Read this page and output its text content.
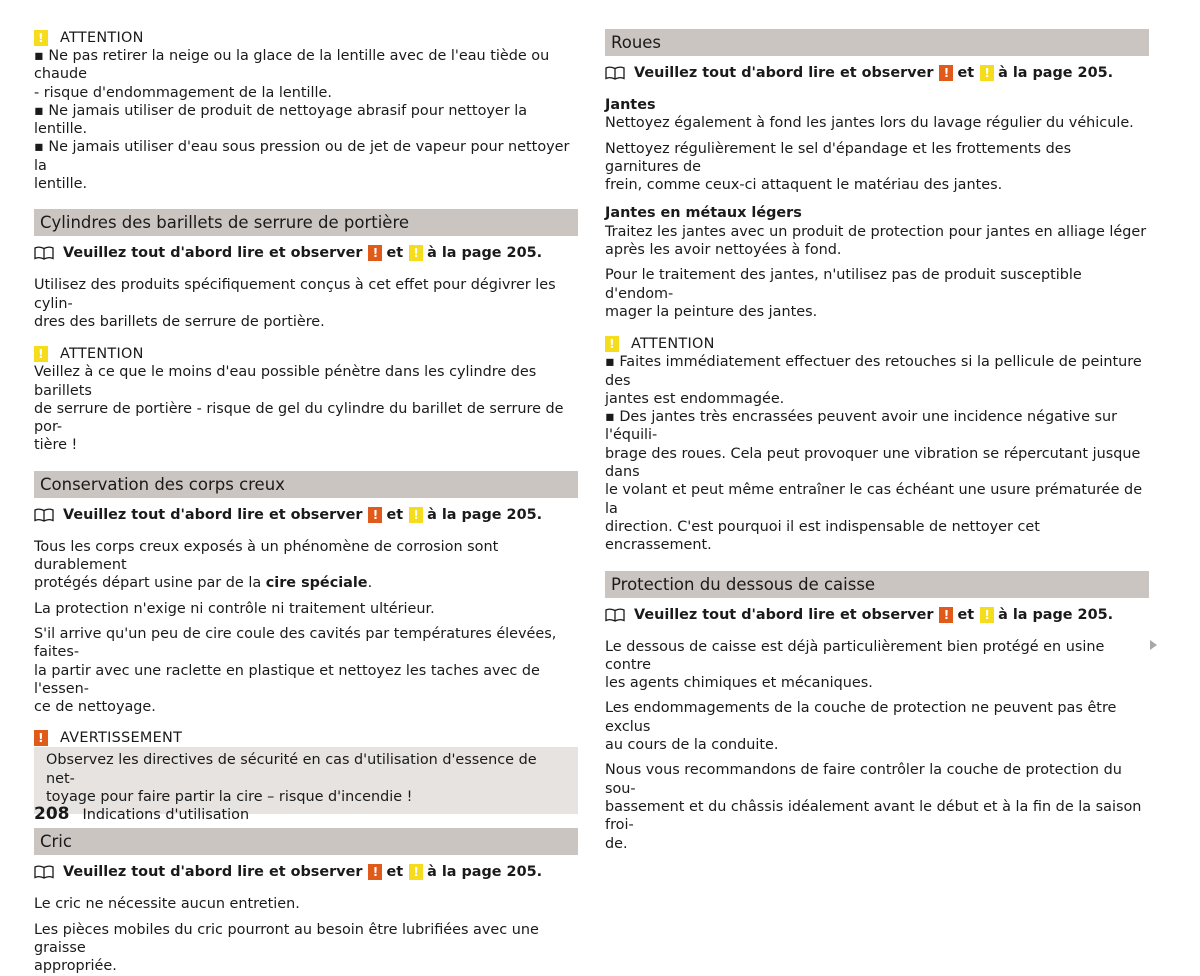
! ATTENTION

▪ Ne pas retirer la neige ou la glace de la lentille avec de l'eau tiède ou chaude

- risque d'endommagement de la lentille.

▪ Ne jamais utiliser de produit de nettoyage abrasif pour nettoyer la lentille.

▪ Ne jamais utiliser d'eau sous pression ou de jet de vapeur pour nettoyer la

lentille.

Cylindres des barillets de serrure de portière
Veuillez tout d'abord lire et observer ! et ! à la page 205.

Utilisez des produits spécifiquement conçus à cet effet pour dégivrer les cylin-

dres des barillets de serrure de portière.

! ATTENTION

Veillez à ce que le moins d'eau possible pénètre dans les cylindre des barillets

de serrure de portière - risque de gel du cylindre du barillet de serrure de por-

tière !

Conservation des corps creux
Veuillez tout d'abord lire et observer ! et ! à la page 205.

Tous les corps creux exposés à un phénomène de corrosion sont durablement

protégés départ usine par de la cire spéciale.

La protection n'exige ni contrôle ni traitement ultérieur.

S'il arrive qu'un peu de cire coule des cavités par températures élevées, faites-

la partir avec une raclette en plastique et nettoyez les taches avec de l'essen-

ce de nettoyage.

! AVERTISSEMENT

Observez les directives de sécurité en cas d'utilisation d'essence de net-

toyage pour faire partir la cire – risque d'incendie !

Cric
Veuillez tout d'abord lire et observer ! et ! à la page 205.

Le cric ne nécessite aucun entretien.

Les pièces mobiles du cric pourront au besoin être lubrifiées avec une graisse

appropriée.

Roues
Veuillez tout d'abord lire et observer ! et ! à la page 205.

Jantes

Nettoyez également à fond les jantes lors du lavage régulier du véhicule.

Nettoyez régulièrement le sel d'épandage et les frottements des garnitures de

frein, comme ceux-ci attaquent le matériau des jantes.

Jantes en métaux légers

Traitez les jantes avec un produit de protection pour jantes en alliage léger

après les avoir nettoyées à fond.

Pour le traitement des jantes, n'utilisez pas de produit susceptible d'endom-

mager la peinture des jantes.

! ATTENTION

▪ Faites immédiatement effectuer des retouches si la pellicule de peinture des

jantes est endommagée.

▪ Des jantes très encrassées peuvent avoir une incidence négative sur l'équili-

brage des roues. Cela peut provoquer une vibration se répercutant jusque dans

le volant et peut même entraîner le cas échéant une usure prématurée de la

direction. C'est pourquoi il est indispensable de nettoyer cet encrassement.

Protection du dessous de caisse
Veuillez tout d'abord lire et observer ! et ! à la page 205.

Le dessous de caisse est déjà particulièrement bien protégé en usine contre

les agents chimiques et mécaniques.

Les endommagements de la couche de protection ne peuvent pas être exclus

au cours de la conduite.

Nous vous recommandons de faire contrôler la couche de protection du sou-

bassement et du châssis idéalement avant le début et à la fin de la saison froi-

de.

208 Indications d'utilisation
